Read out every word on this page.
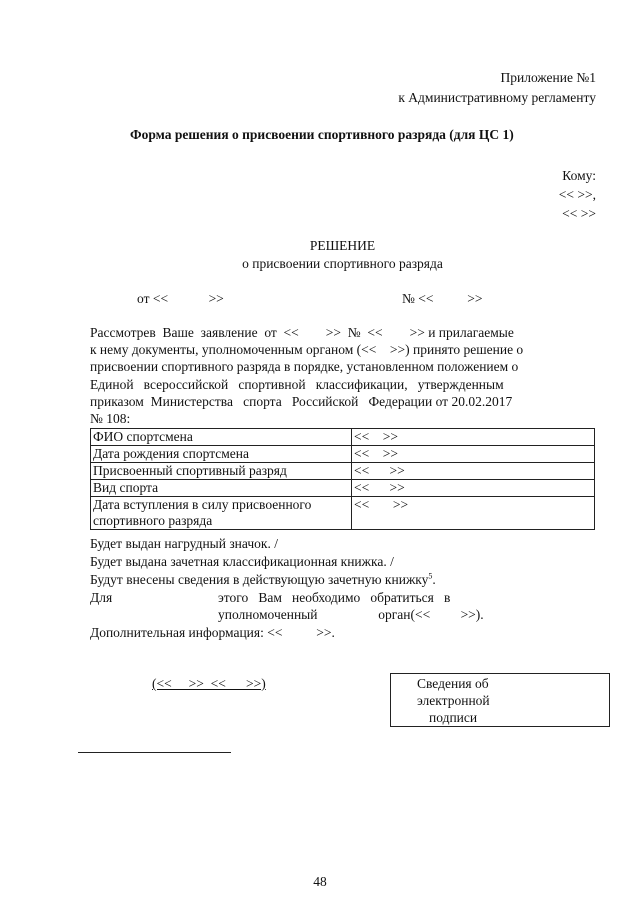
Приложение №1
к Административному регламенту
Форма решения о присвоении спортивного разряда (для ЦС 1)
Кому:
<< >>,
<< >>
РЕШЕНИЕ
о присвоении спортивного разряда
от <<            >>	№ <<          >>
Рассмотрев  Ваше  заявление  от  <<        >>  №  <<        >> и прилагаемые
к нему документы, уполномоченным органом (<<    >>) принято решение о
присвоении спортивного разряда в порядке, установленном положением о
Единой   всероссийской   спортивной   классификации,   утвержденным
приказом  Министерства   спорта   Российской   Федерации от 20.02.2017
№ 108:
ФИО спортсмена	<<    >>
Дата рождения спортсмена	<<    >>
Присвоенный спортивный разряд	<<      >>
Вид спорта	<<      >>
Дата вступления в силу присвоенного спортивного разряда	<<       >>
Будет выдан нагрудный значок. /
Будет выдана зачетная классификационная книжка. /
Будут внесены сведения в действующую зачетную книжку$^5$.
Для	этого   Вам   необходимо   обратиться   в
уполномоченный                  орган(<<         >>).
Дополнительная информация: <<          >>.
(<<     >>  <<      >>)	Сведения об
электронной
подписи
48
